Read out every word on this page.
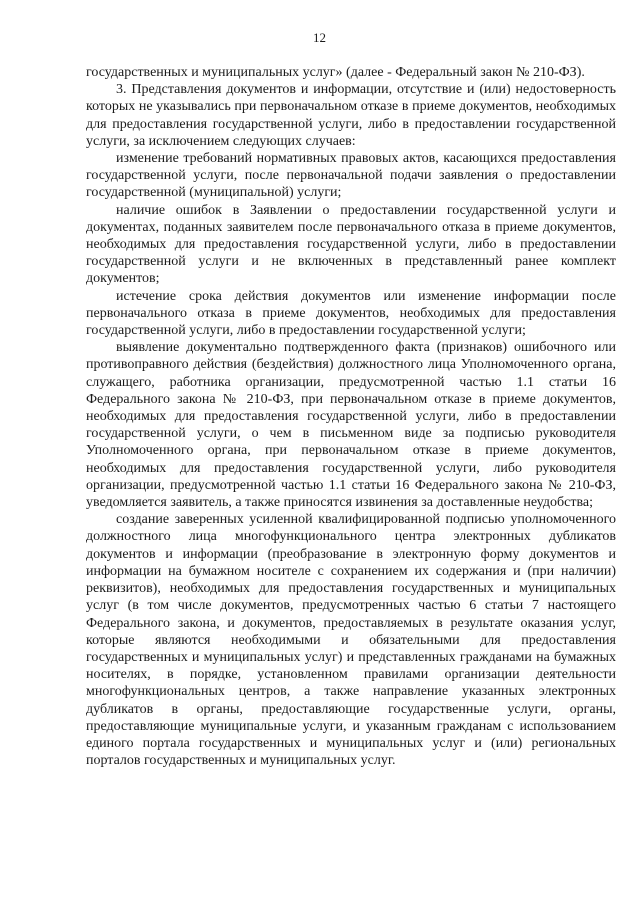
12

государственных и муниципальных услуг» (далее - Федеральный закон № 210-ФЗ).

3. Представления документов и информации, отсутствие и (или) недостоверность которых не указывались при первоначальном отказе в приеме документов, необходимых для предоставления государственной услуги, либо в предоставлении государственной услуги, за исключением следующих случаев:

изменение требований нормативных правовых актов, касающихся предоставления государственной услуги, после первоначальной подачи заявления о предоставлении государственной (муниципальной) услуги;

наличие ошибок в Заявлении о предоставлении государственной услуги и документах, поданных заявителем после первоначального отказа в приеме документов, необходимых для предоставления государственной услуги, либо в предоставлении государственной услуги и не включенных в представленный ранее комплект документов;

истечение срока действия документов или изменение информации после первоначального отказа в приеме документов, необходимых для предоставления государственной услуги, либо в предоставлении государственной услуги;

выявление документально подтвержденного факта (признаков) ошибочного или противоправного действия (бездействия) должностного лица Уполномоченного органа, служащего, работника организации, предусмотренной частью 1.1 статьи 16 Федерального закона № 210-ФЗ, при первоначальном отказе в приеме документов, необходимых для предоставления государственной услуги, либо в предоставлении государственной услуги, о чем в письменном виде за подписью руководителя Уполномоченного органа, при первоначальном отказе в приеме документов, необходимых для предоставления государственной услуги, либо руководителя организации, предусмотренной частью 1.1 статьи 16 Федерального закона № 210-ФЗ, уведомляется заявитель, а также приносятся извинения за доставленные неудобства;

создание заверенных усиленной квалифицированной подписью уполномоченного должностного лица многофункционального центра электронных дубликатов документов и информации (преобразование в электронную форму документов и информации на бумажном носителе с сохранением их содержания и (при наличии) реквизитов), необходимых для предоставления государственных и муниципальных услуг (в том числе документов, предусмотренных частью 6 статьи 7 настоящего Федерального закона, и документов, предоставляемых в результате оказания услуг, которые являются необходимыми и обязательными для предоставления государственных и муниципальных услуг) и представленных гражданами на бумажных носителях, в порядке, установленном правилами организации деятельности многофункциональных центров, а также направление указанных электронных дубликатов в органы, предоставляющие государственные услуги, органы, предоставляющие муниципальные услуги, и указанным гражданам с использованием единого портала государственных и муниципальных услуг и (или) региональных порталов государственных и муниципальных услуг.
